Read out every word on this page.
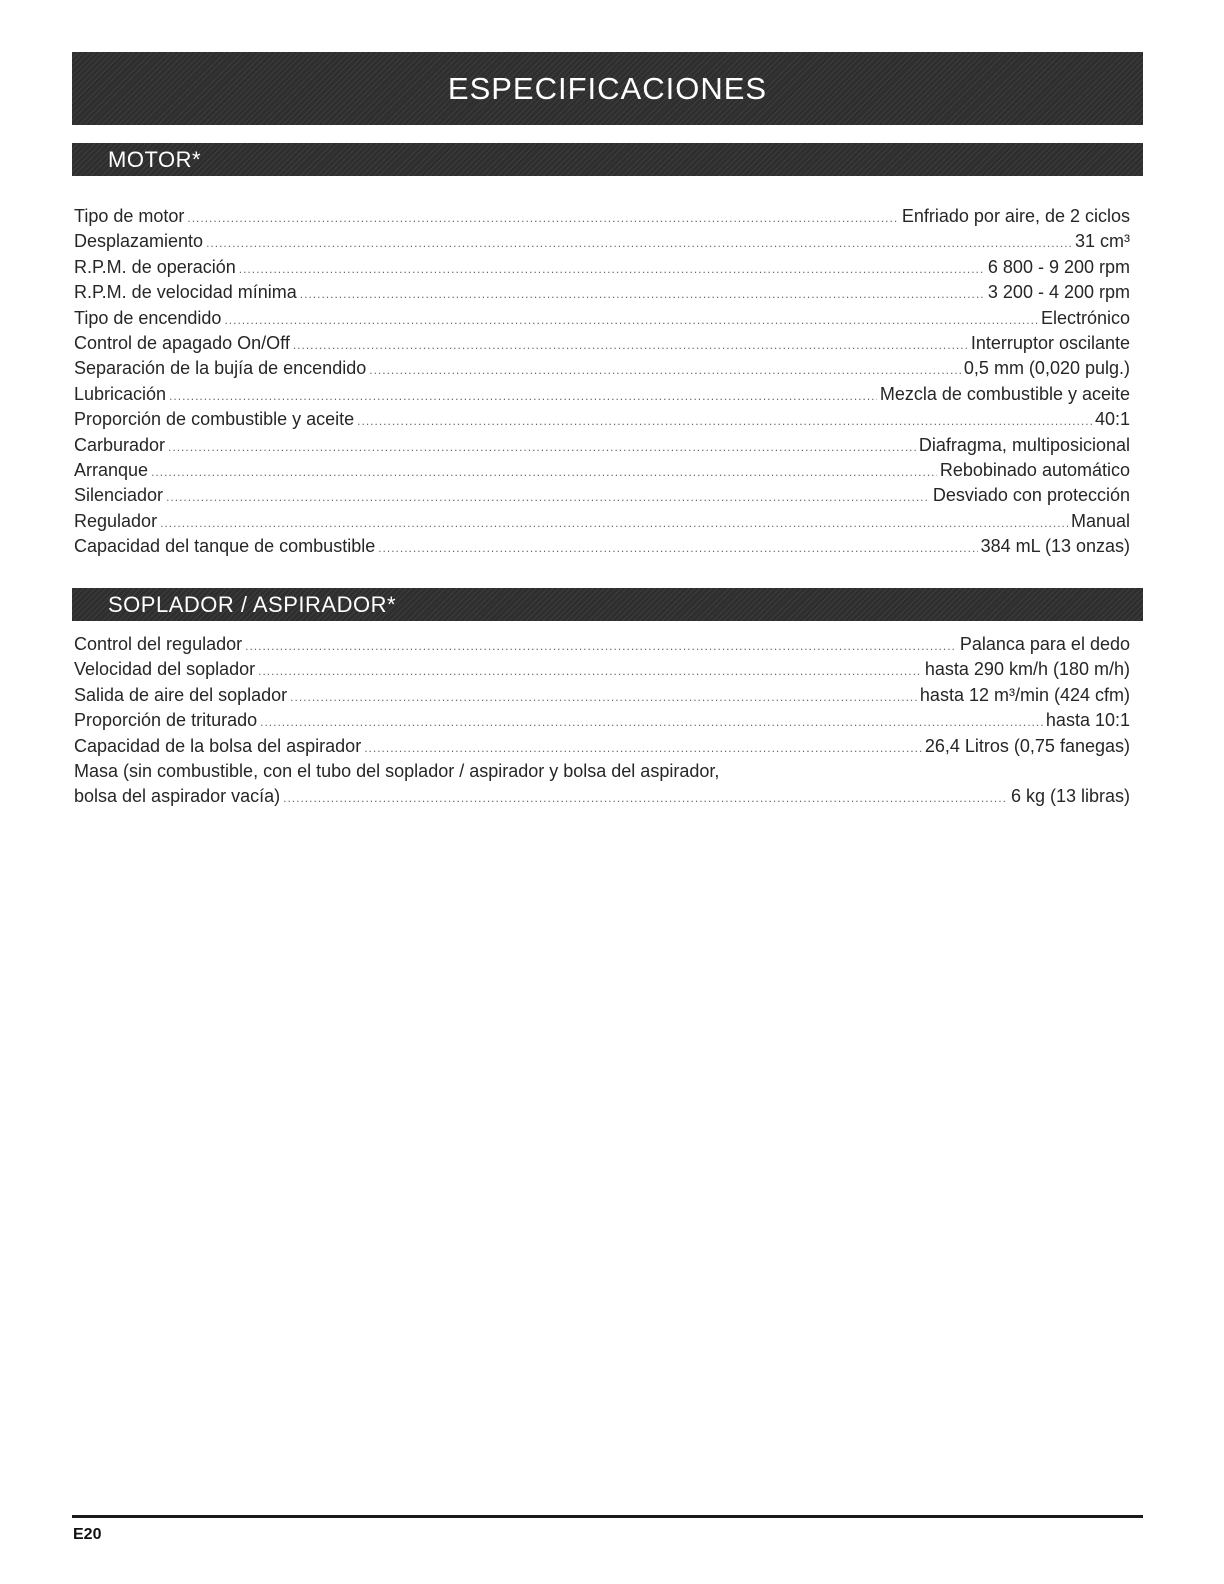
ESPECIFICACIONES
MOTOR*
Tipo de motor .....	Enfriado por aire, de 2 ciclos
Desplazamiento .....	31 cm³
R.P.M. de operación .....	6 800 - 9 200 rpm
R.P.M. de velocidad mínima .....	3 200 - 4 200 rpm
Tipo de encendido .....	Electrónico
Control de apagado On/Off .....	Interruptor oscilante
Separación de la bujía de encendido .....	0,5 mm (0,020 pulg.)
Lubricación .....	Mezcla de combustible y aceite
Proporción de combustible y aceite .....	40:1
Carburador .....	Diafragma, multiposicional
Arranque .....	Rebobinado automático
Silenciador .....	Desviado con protección
Regulador .....	Manual
Capacidad del tanque de combustible .....	384 mL (13 onzas)
SOPLADOR / ASPIRADOR*
Control del regulador .....	Palanca para el dedo
Velocidad del soplador .....	hasta 290 km/h (180 m/h)
Salida de aire del soplador .....	hasta 12 m³/min (424 cfm)
Proporción de triturado .....	hasta 10:1
Capacidad de la bolsa del aspirador .....	26,4 Litros (0,75 fanegas)
Masa (sin combustible, con el tubo del soplador / aspirador y bolsa del aspirador,
bolsa del aspirador vacía) .....	6 kg (13 libras)
E20
